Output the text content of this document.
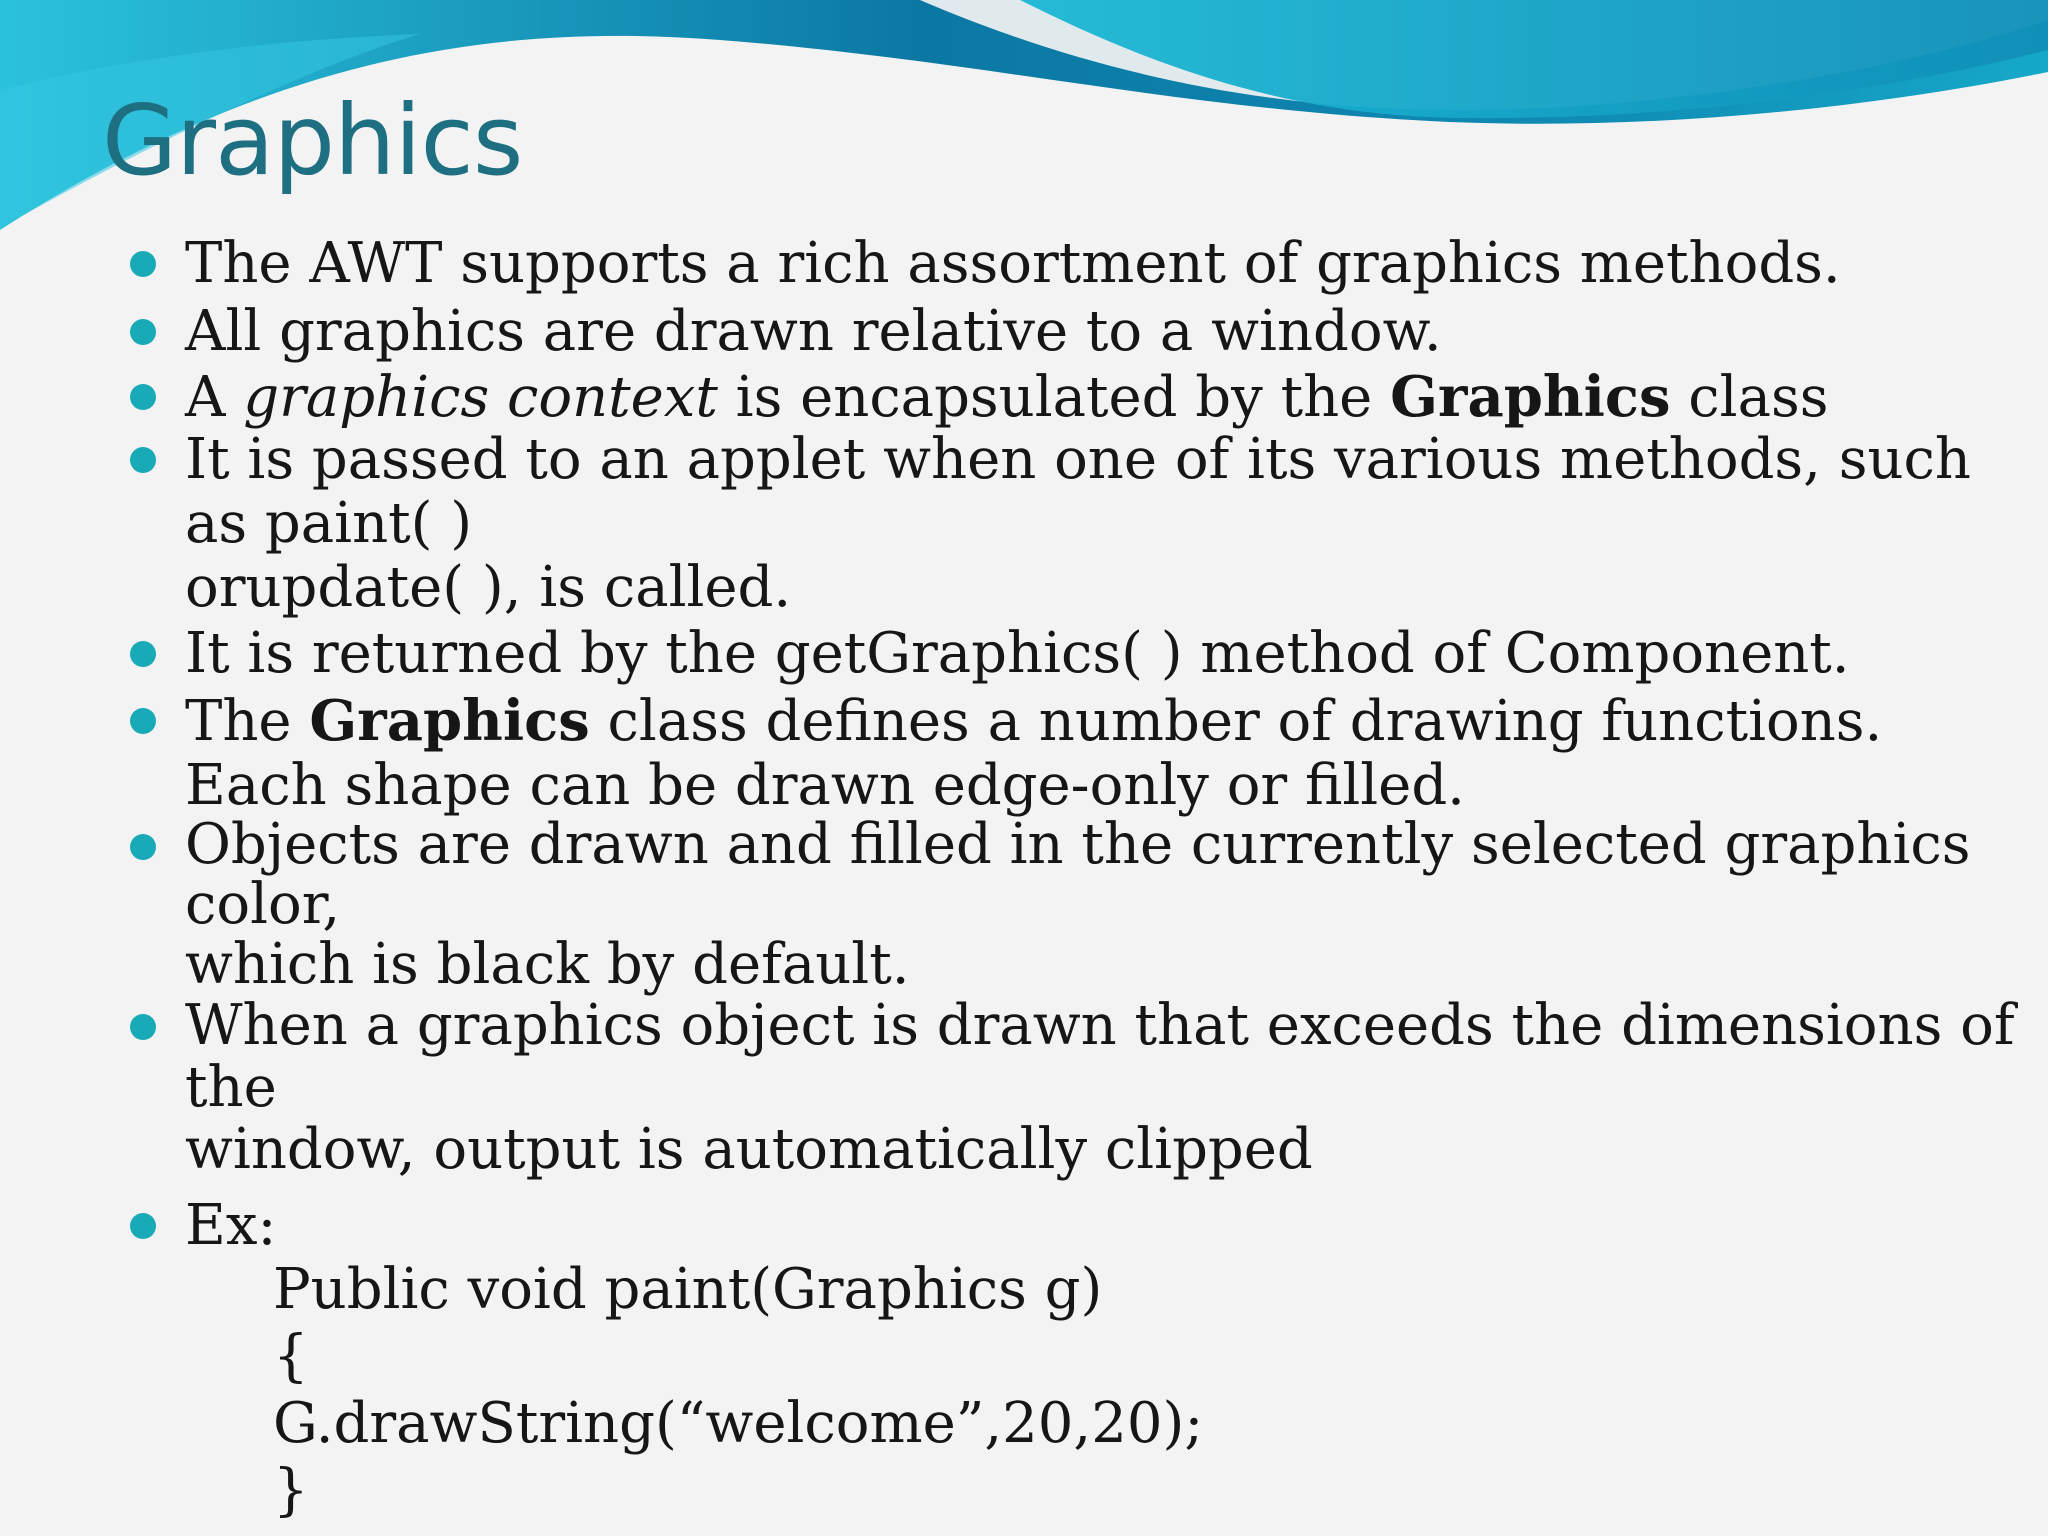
Graphics
The AWT supports a rich assortment of graphics methods.
All graphics are drawn relative to a window.
A graphics context is encapsulated by the Graphics class
It is passed to an applet when one of its various methods, such
as paint( )
orupdate( ), is called.
It is returned by the getGraphics( ) method of Component.
The Graphics class defines a number of drawing functions.
Each shape can be drawn edge-only or filled.
Objects are drawn and filled in the currently selected graphics
color,
which is black by default.
When a graphics object is drawn that exceeds the dimensions of
the
window, output is automatically clipped
Ex:
Public void paint(Graphics g)
{
G.drawString(“welcome”,20,20);
}
